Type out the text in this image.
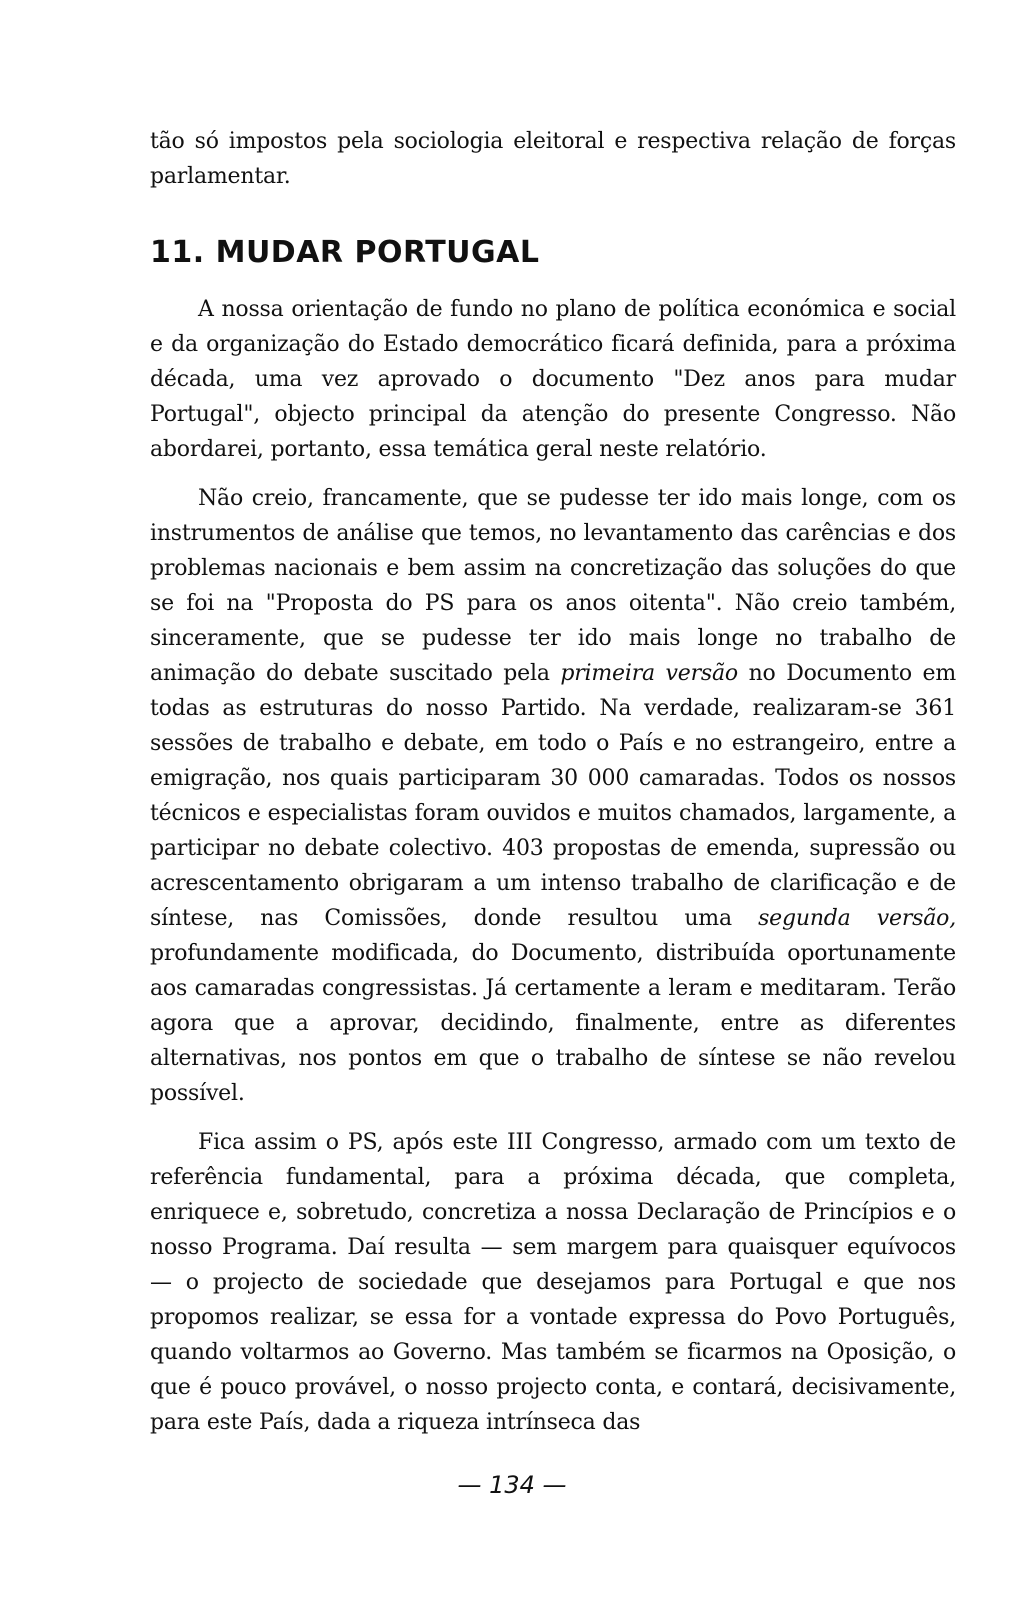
tão só impostos pela sociologia eleitoral e respectiva relação de forças parlamentar.

11. MUDAR PORTUGAL

A nossa orientação de fundo no plano de política económica e social e da organização do Estado democrático ficará definida, para a próxima década, uma vez aprovado o documento "Dez anos para mudar Portugal", objecto principal da atenção do presente Congresso. Não abordarei, portanto, essa temática geral neste relatório.

Não creio, francamente, que se pudesse ter ido mais longe, com os instrumentos de análise que temos, no levantamento das carências e dos problemas nacionais e bem assim na concretização das soluções do que se foi na "Proposta do PS para os anos oitenta". Não creio também, sinceramente, que se pudesse ter ido mais longe no trabalho de animação do debate suscitado pela primeira versão no Documento em todas as estruturas do nosso Partido. Na verdade, realizaram-se 361 sessões de trabalho e debate, em todo o País e no estrangeiro, entre a emigração, nos quais participaram 30 000 camaradas. Todos os nossos técnicos e especialistas foram ouvidos e muitos chamados, largamente, a participar no debate colectivo. 403 propostas de emenda, supressão ou acrescentamento obrigaram a um intenso trabalho de clarificação e de síntese, nas Comissões, donde resultou uma segunda versão, profundamente modificada, do Documento, distribuída oportunamente aos camaradas congressistas. Já certamente a leram e meditaram. Terão agora que a aprovar, decidindo, finalmente, entre as diferentes alternativas, nos pontos em que o trabalho de síntese se não revelou possível.

Fica assim o PS, após este III Congresso, armado com um texto de referência fundamental, para a próxima década, que completa, enriquece e, sobretudo, concretiza a nossa Declaração de Princípios e o nosso Programa. Daí resulta — sem margem para quaisquer equívocos — o projecto de sociedade que desejamos para Portugal e que nos propomos realizar, se essa for a vontade expressa do Povo Português, quando voltarmos ao Governo. Mas também se ficarmos na Oposição, o que é pouco provável, o nosso projecto conta, e contará, decisivamente, para este País, dada a riqueza intrínseca das

— 134 —
